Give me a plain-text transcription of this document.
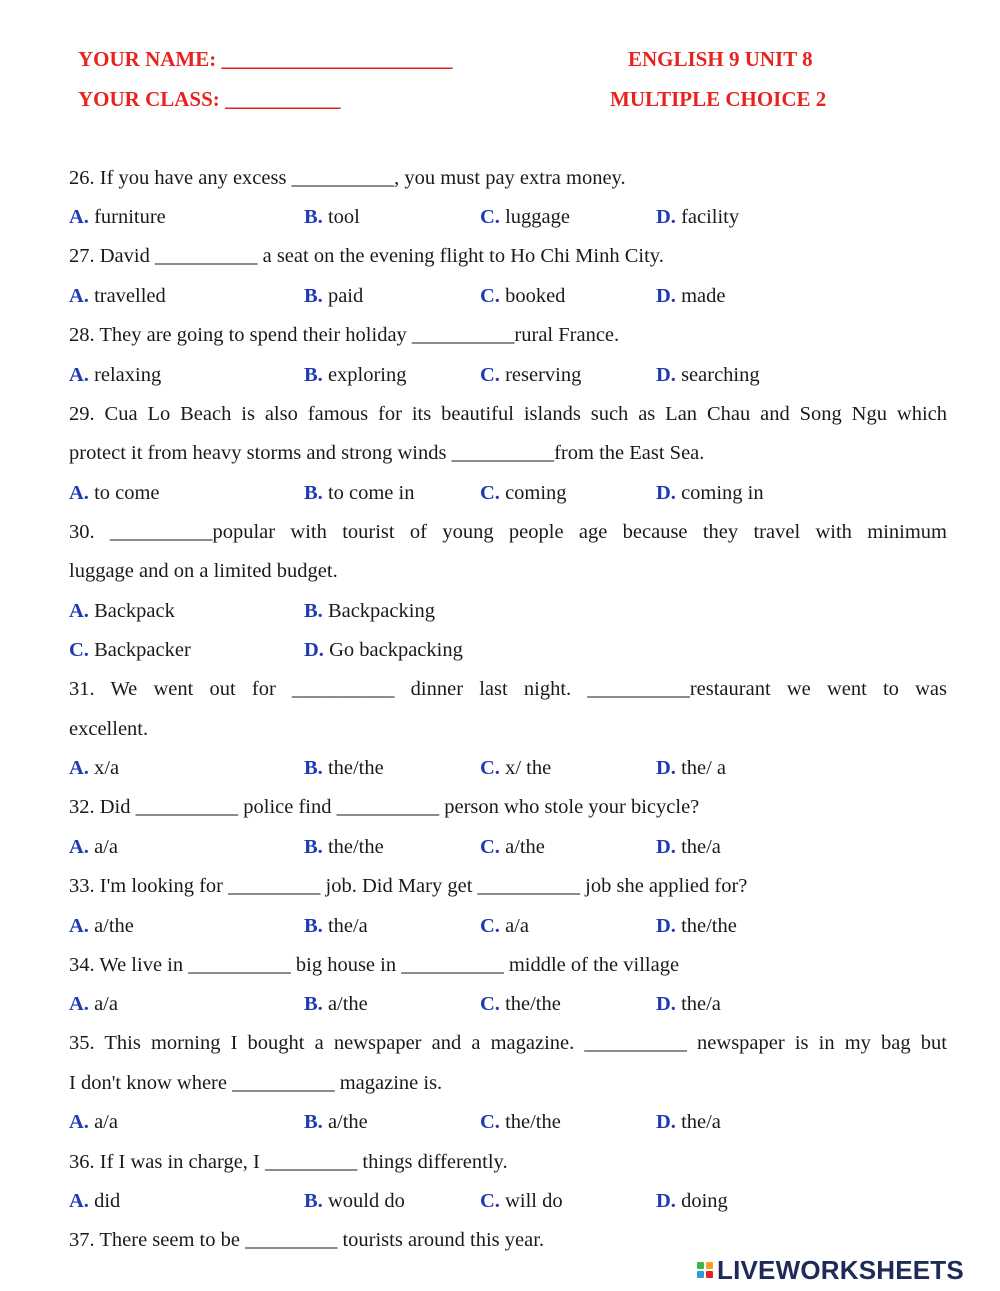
YOUR NAME: ______________________
YOUR CLASS: ___________
ENGLISH 9 UNIT 8
MULTIPLE CHOICE 2
26. If you have any excess __________, you must pay extra money.
A. furniture	B. tool	C. luggage	D. facility
27. David __________ a seat on the evening flight to Ho Chi Minh City.
A. travelled	B. paid	C. booked	D. made
28. They are going to spend their holiday __________rural France.
A. relaxing	B. exploring	C. reserving	D. searching
29. Cua Lo Beach is also famous for its beautiful islands such as Lan Chau and Song Ngu which
protect it from heavy storms and strong winds __________from the East Sea.
A. to come	B. to come in	C. coming	D. coming in
30. __________popular with tourist of young people age because they travel with minimum
luggage and on a limited budget.
A. Backpack	B. Backpacking
C. Backpacker	D. Go backpacking
31. We went out for __________ dinner last night. __________restaurant we went to was
excellent.
A. x/a	B. the/the	C. x/ the	D. the/ a
32. Did __________ police find __________ person who stole your bicycle?
A. a/a	B. the/the	C. a/the	D. the/a
33. I'm looking for _________ job. Did Mary get __________ job she applied for?
A. a/the	B. the/a	C. a/a	D. the/the
34. We live in __________ big house in __________ middle of the village
A. a/a	B. a/the	C. the/the	D. the/a
35. This morning I bought a newspaper and a magazine. __________ newspaper is in my bag but
I don't know where __________ magazine is.
A. a/a	B. a/the	C. the/the	D. the/a
36. If I was in charge, I _________ things differently.
A. did	B. would do	C. will do	D. doing
37. There seem to be _________ tourists around this year.
LIVEWORKSHEETS
